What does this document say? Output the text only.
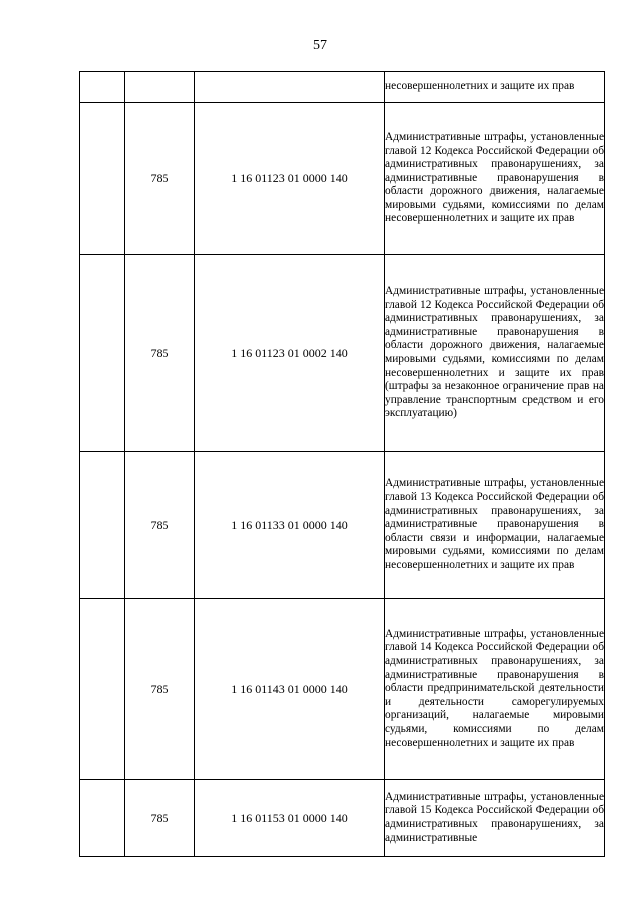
57

			несовершеннолетних и защите их прав

	785	1 16 01123 01 0000 140	Административные штрафы, установленные главой 12 Кодекса Российской Федерации об административных правонарушениях, за административные правонарушения в области дорожного движения, налагаемые мировыми судьями, комиссиями по делам несовершеннолетних и защите их прав

	785	1 16 01123 01 0002 140	Административные штрафы, установленные главой 12 Кодекса Российской Федерации об административных правонарушениях, за административные правонарушения в области дорожного движения, налагаемые мировыми судьями, комиссиями по делам несовершеннолетних и защите их прав (штрафы за незаконное ограничение прав на управление транспортным средством и его эксплуатацию)

	785	1 16 01133 01 0000 140	Административные штрафы, установленные главой 13 Кодекса Российской Федерации об административных правонарушениях, за административные правонарушения в области связи и информации, налагаемые мировыми судьями, комиссиями по делам несовершеннолетних и защите их прав

	785	1 16 01143 01 0000 140	Административные штрафы, установленные главой 14 Кодекса Российской Федерации об административных правонарушениях, за административные правонарушения в области предпринимательской деятельности и деятельности саморегулируемых организаций, налагаемые мировыми судьями, комиссиями по делам несовершеннолетних и защите их прав

	785	1 16 01153 01 0000 140	Административные штрафы, установленные главой 15 Кодекса Российской Федерации об административных правонарушениях, за административные
